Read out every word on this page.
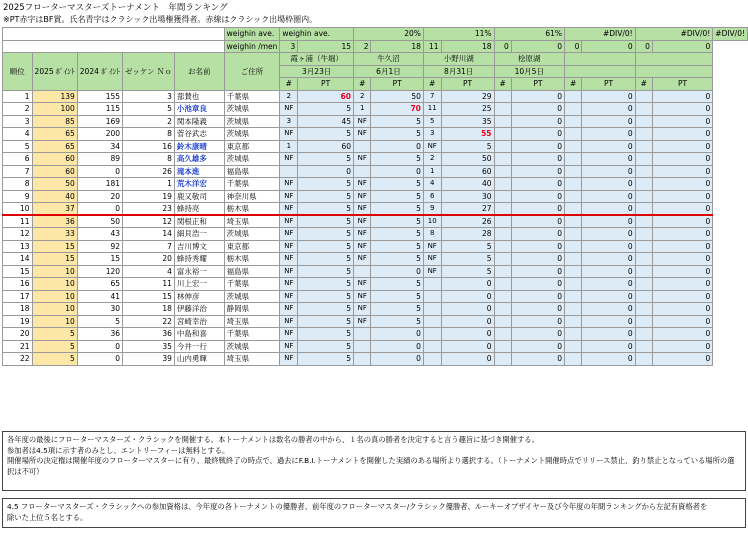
2025フローターマスターズトーナメント　年間ランキング
※PT赤字はBF賞。氏名青字はクラシック出場権獲得者。赤線はクラシック出場枠圏内。
					weighin ave.	weighin ave.		20%		11%		61%		#DIV/0!		#DIV/0!		#DIV/0!
					weighin /men	3	15	2	18	11	18	0	0	0	0	0	0	
順位	2025 ﾎﾟｲﾝﾄ	2024 ﾎﾟｲﾝﾄ	ゼッケン Ｎｏ	お名前	ご住所	霞ヶ浦（牛堀）		牛久沼		小野川湖		桧原湖						
						3月23日		6月1日		8月31日		10月5日						
						#	PT	#	PT	#	PT	#	PT	#	PT	#	PT	
1	139	155	3	蔀賛也	千葉県	2	60	2	50	7	29		0		0		0	
2	100	115	5	小池章良	茨城県	NF	5	1	70	11	25		0		0		0	
3	85	169	2	関本隆義	茨城県	3	45	NF	5	5	35		0		0		0	
4	65	200	8	菅谷武志	茨城県	NF	5	NF	5	3	55		0		0		0	
5	65	34	16	鈴木康晴	東京都	1	60		0	NF	5		0		0		0	
6	60	89	8	高久雄多	茨城県	NF	5	NF	5	2	50		0		0		0	
7	60	0	26	滝本進	福島県		0		0	1	60		0		0		0	
8	50	181	1	荒木洋宏	千葉県	NF	5	NF	5	4	40		0		0		0	
9	40	20	19	鹿又敬司	神奈川県	NF	5	NF	5	6	30		0		0		0	
10	37	0	23	蜂持亮	栃木県	NF	5	NF	5	9	27		0		0		0	
11	36	50	12	関根正和	埼玉県	NF	5	NF	5	10	26		0		0		0	
12	33	43	14	細貝浩一	茨城県	NF	5	NF	5	8	28		0		0		0	
13	15	92	7	吉川博文	東京都	NF	5	NF	5	NF	5		0		0		0	
14	15	15	20	蜂持秀耀	栃木県	NF	5	NF	5	NF	5		0		0		0	
15	10	120	4	富永裕一	福島県	NF	5		0	NF	5		0		0		0	
16	10	65	11	川上宏一	千葉県	NF	5	NF	5		0		0		0		0	
17	10	41	15	林伸彦	茨城県	NF	5	NF	5		0		0		0		0	
18	10	30	18	伊藤洋治	静岡県	NF	5	NF	5		0		0		0		0	
19	10	5	22	宮崎幸治	埼玉県	NF	5	NF	5		0		0		0		0	
20	5	36	36	中島和喜	千葉県	NF	5		0		0		0		0		0	
21	5	0	35	今井一行	茨城県	NF	5		0		0		0		0		0	
22	5	0	39	山内勇輝	埼玉県	NF	5		0		0		0		0		0	
各年度の最後にフローターマスターズ・クラシックを開催する。本トーナメントは数名の勝者の中から、１名の真の勝者を決定すると言う趣旨に基づき開催する。
参加者は4.5項に示す者のみとし、エントリーフィーは無料とする。
開催場所の決定権は開催年度のフローターマスターに有り、最終戦終了の時点で、過去にF.B.I.トーナメントを開催した実績のある場所より選択する。（トーナメント開催時点でリリース禁止、釣り禁止となっている場所の選択は不可）
4.5 フローターマスターズ・クラシックへの参加資格は、今年度の各トーナメントの優勝者、前年度のフローターマスター/クラシック優勝者、ルーキーオブザイヤー及び今年度の年間ランキングから左記有資格者を
除いた上位５名とする。
